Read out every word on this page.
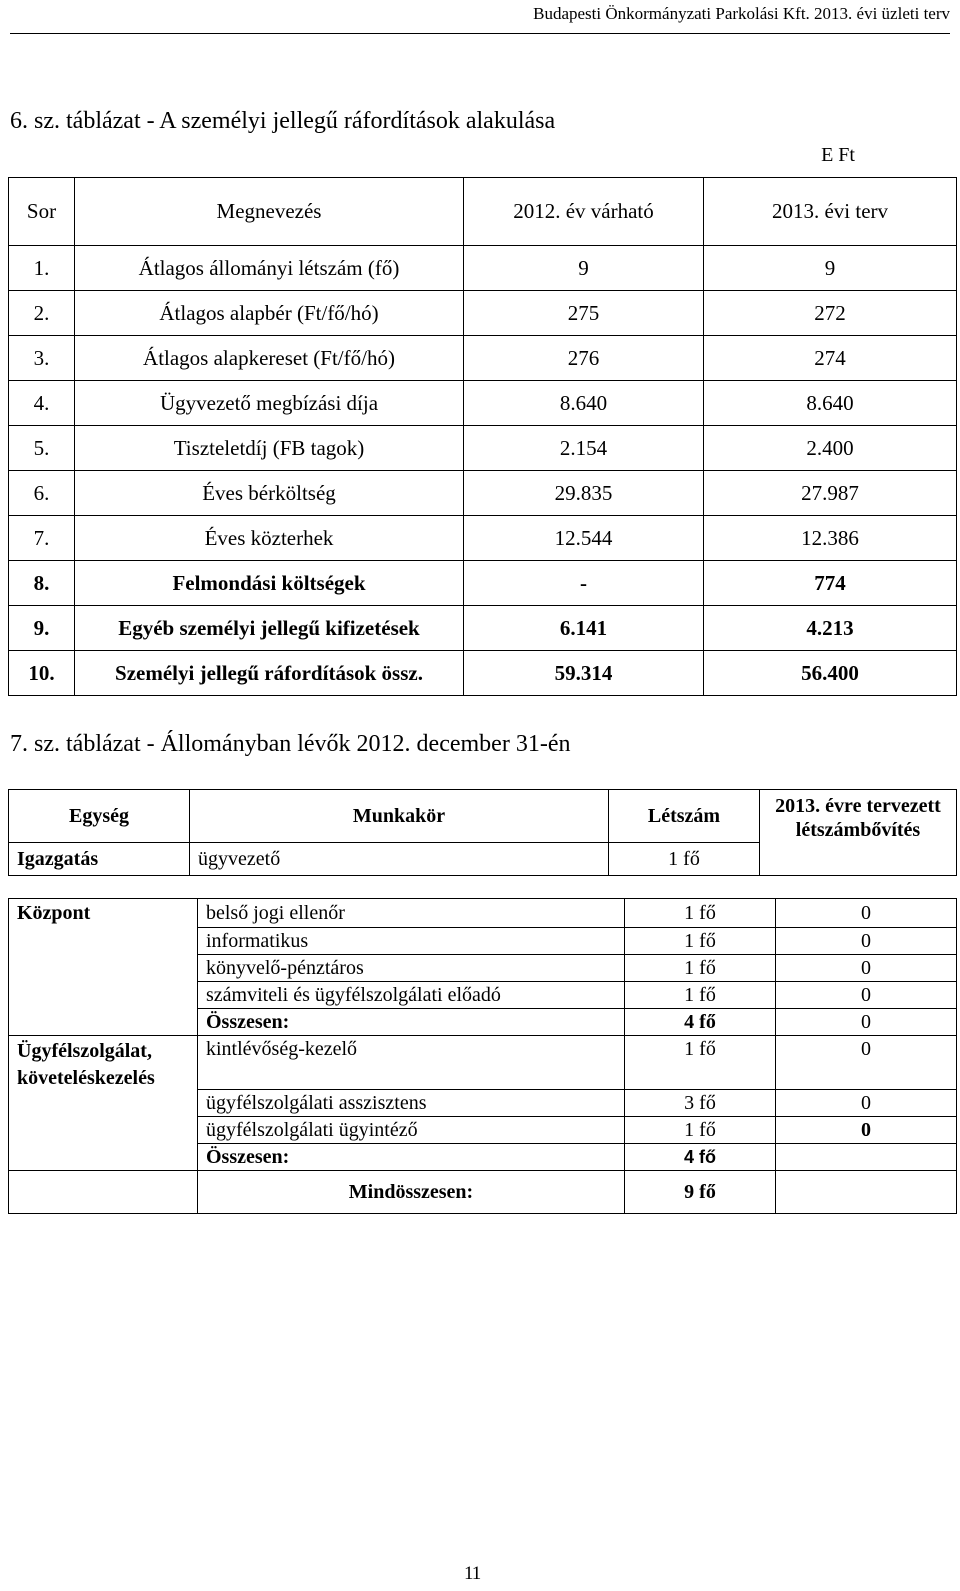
Budapesti Önkormányzati Parkolási Kft. 2013. évi üzleti terv
6. sz. táblázat - A személyi jellegű ráfordítások alakulása
E Ft
Sor	Megnevezés	2012. év várható	2013. évi terv
1.	Átlagos állományi létszám (fő)	9	9
2.	Átlagos alapbér (Ft/fő/hó)	275	272
3.	Átlagos alapkereset (Ft/fő/hó)	276	274
4.	Ügyvezető megbízási díja	8.640	8.640
5.	Tiszteletdíj (FB tagok)	2.154	2.400
6.	Éves bérköltség	29.835	27.987
7.	Éves közterhek	12.544	12.386
8.	Felmondási költségek	-	774
9.	Egyéb személyi jellegű kifizetések	6.141	4.213
10.	Személyi jellegű ráfordítások össz.	59.314	56.400
7. sz. táblázat - Állományban lévők 2012. december 31-én
Egység	Munkakör	Létszám	2013. évre tervezett létszámbővítés
Igazgatás	ügyvezető	1 fő	
Központ	belső jogi ellenőr	1 fő	0
	informatikus	1 fő	0
	könyvelő-pénztáros	1 fő	0
	számviteli és ügyfélszolgálati előadó	1 fő	0
	Összesen:	4 fő	0
Ügyfélszolgálat, követeléskezelés	kintlévőség-kezelő	1 fő	0
	ügyfélszolgálati asszisztens	3 fő	0
	ügyfélszolgálati ügyintéző	1 fő	0
	Összesen:	4 fő	
	Mindösszesen:	9 fő	
11
